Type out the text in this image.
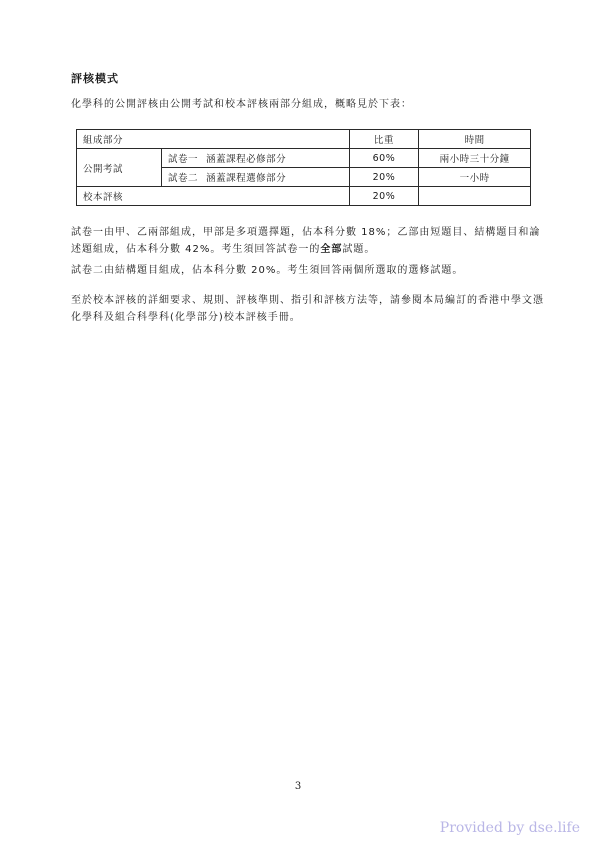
評核模式
化學科的公開評核由公開考試和校本評核兩部分組成，概略見於下表：
組成部分		比重	時間
公開考試	試卷一 涵蓋課程必修部分	60%	兩小時三十分鐘
	試卷二 涵蓋課程選修部分	20%	一小時
校本評核		20%	
試卷一由甲、乙兩部組成，甲部是多項選擇題，佔本科分數 18%；乙部由短題目、結構題目和論述題組成，佔本科分數 42%。考生須回答試卷一的全部試題。
試卷二由結構題目組成，佔本科分數 20%。考生須回答兩個所選取的選修試題。
至於校本評核的詳細要求、規則、評核準則、指引和評核方法等，請參閱本局編訂的香港中學文憑化學科及組合科學科(化學部分)校本評核手冊。
3
Provided by dse.life
